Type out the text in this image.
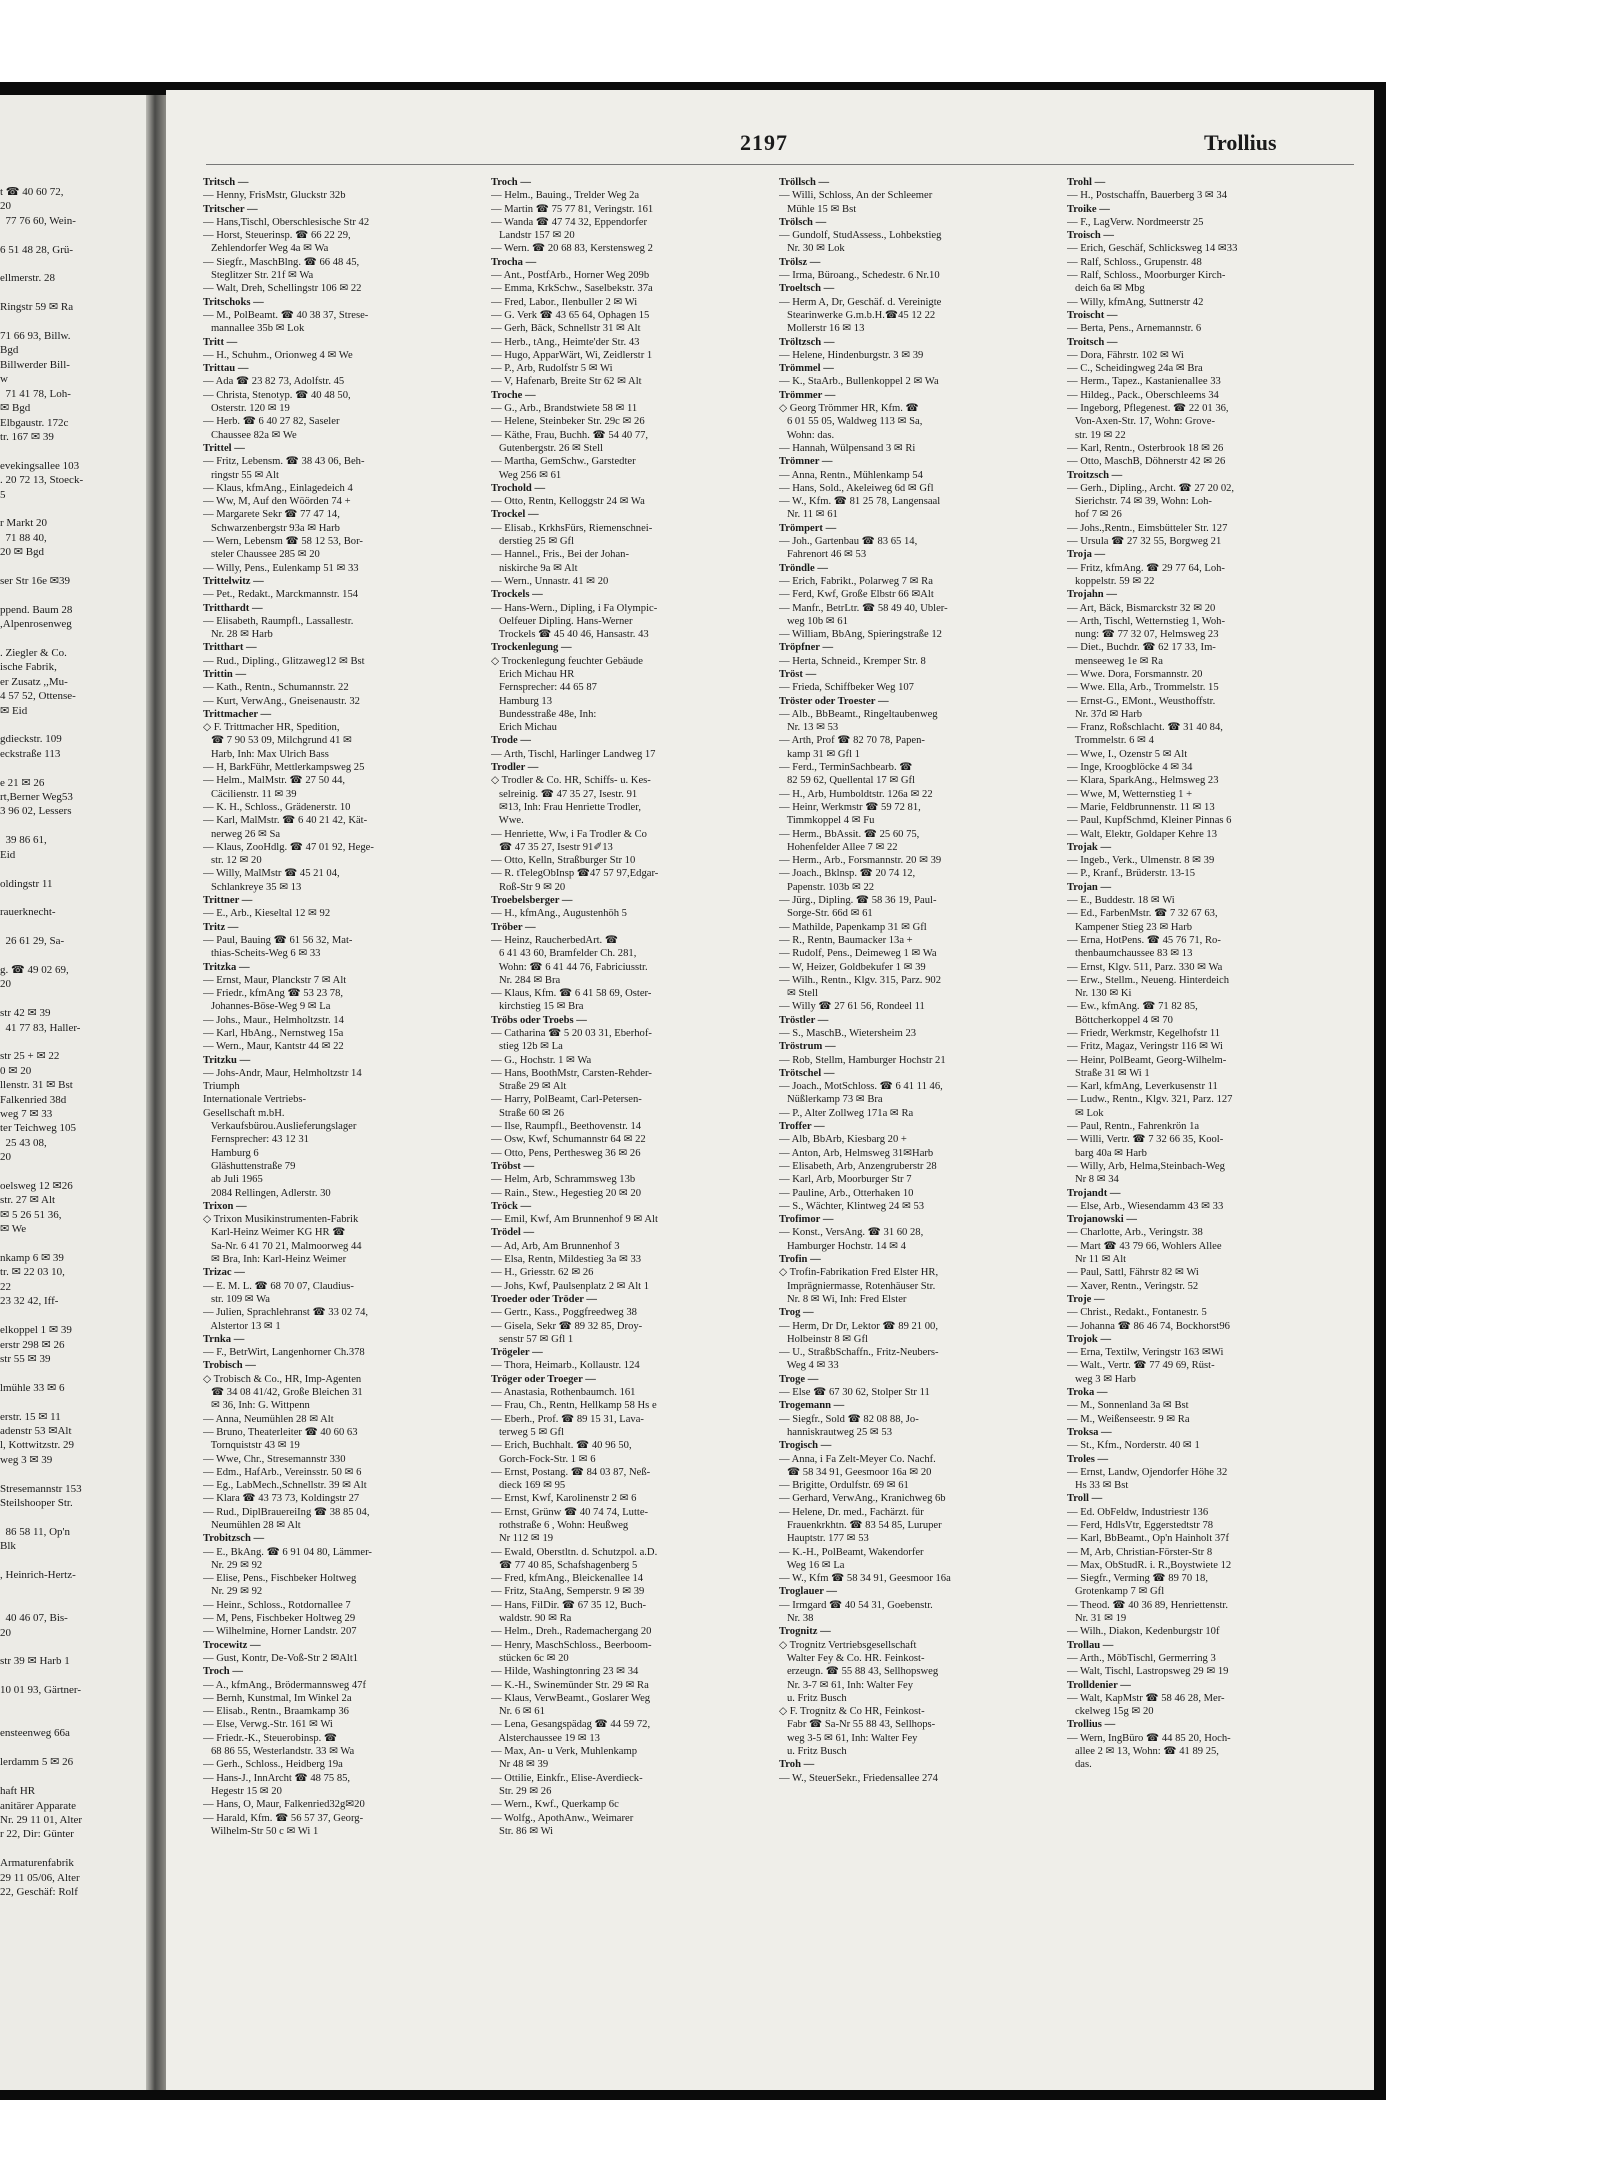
t ☎ 40 60 72,
20
77 76 60, Wein-

6 51 48 28, Grü-

ellmerstr. 28

Ringstr 59 ✉ Ra

71 66 93, Billw.
Bgd
Billwerder Bill-
w
71 41 78, Loh-
✉ Bgd
Elbgaustr. 172c
tr. 167 ✉ 39

evekingsallee 103
. 20 72 13, Stoeck-
5

r Markt 20
71 88 40,
20 ✉ Bgd

ser Str 16e ✉39

ppend. Baum 28
,Alpenrosenweg

. Ziegler & Co.
ische Fabrik,
er Zusatz ,,Mu-
4 57 52, Ottense-
✉ Eid

gdieckstr. 109
eckstraße 113

e 21 ✉ 26
rt,Berner Weg53
3 96 02, Lessers

39 86 61,
Eid

oldingstr 11

rauerknecht-

26 61 29, Sa-

g. ☎ 49 02 69,
20

str 42 ✉ 39
41 77 83, Haller-

str 25 + ✉ 22
0 ✉ 20
llenstr. 31 ✉ Bst
Falkenried 38d
weg 7 ✉ 33
ter Teichweg 105
25 43 08,
20

oelsweg 12 ✉26
str. 27 ✉ Alt
✉ 5 26 51 36,
✉ We

nkamp 6 ✉ 39
tr. ✉ 22 03 10,
22
23 32 42, Iff-

elkoppel 1 ✉ 39
erstr 298 ✉ 26
str 55 ✉ 39

lmühle 33 ✉ 6

erstr. 15 ✉ 11
adenstr 53 ✉Alt
l, Kottwitzstr. 29
weg 3 ✉ 39

Stresemannstr 153
Steilshooper Str.

86 58 11, Op'n
Blk

, Heinrich-Hertz-

40 46 07, Bis-
20

str 39 ✉ Harb 1

10 01 93, Gärtner-

ensteenweg 66a

lerdamm 5 ✉ 26

haft HR
anitärer Apparate
Nr. 29 11 01, Alter
r 22, Dir: Günter

Armaturenfabrik
29 11 05/06, Alter
22, Geschäf: Rolf
2197	Trollius
Tritsch —
— Henny, FrisMstr, Gluckstr 32b
Tritscher —
— Hans,Tischl, Oberschlesische Str 42
— Horst, Steuerinsp. ☎ 66 22 29,
Zehlendorfer Weg 4a ✉ Wa
— Siegfr., MaschBlng. ☎ 66 48 45,
Steglitzer Str. 21f ✉ Wa
— Walt, Dreh, Schellingstr 106 ✉ 22
Tritschoks —
— M., PolBeamt. ☎ 40 38 37, Strese-
mannallee 35b ✉ Lok
Tritt —
— H., Schuhm., Orionweg 4 ✉ We
Trittau —
— Ada ☎ 23 82 73, Adolfstr. 45
— Christa, Stenotyp. ☎ 40 48 50,
Osterstr. 120 ✉ 19
— Herb. ☎ 6 40 27 82, Saseler
Chaussee 82a ✉ We
Trittel —
— Fritz, Lebensm. ☎ 38 43 06, Beh-
ringstr 55 ✉ Alt
— Klaus, kfmAng., Einlagedeich 4
— Ww, M, Auf den Wöörden 74 +
— Margarete Sekr ☎ 77 47 14,
Schwarzenbergstr 93a ✉ Harb
— Wern, Lebensm ☎ 58 12 53, Bor-
steler Chaussee 285 ✉ 20
— Willy, Pens., Eulenkamp 51 ✉ 33
Trittelwitz —
— Pet., Redakt., Marckmannstr. 154
Tritthardt —
— Elisabeth, Raumpfl., Lassallestr.
Nr. 28 ✉ Harb
Tritthart —
— Rud., Dipling., Glitzaweg12 ✉ Bst
Trittin —
— Kath., Rentn., Schumannstr. 22
— Kurt, VerwAng., Gneisenaustr. 32
Trittmacher —
◇ F. Trittmacher HR, Spedition,
☎ 7 90 53 09, Milchgrund 41 ✉
Harb, Inh: Max Ulrich Bass
— H, BarkFühr, Mettlerkampsweg 25
— Helm., MalMstr. ☎ 27 50 44,
Cäcilienstr. 11 ✉ 39
— K. H., Schloss., Grädenerstr. 10
— Karl, MalMstr. ☎ 6 40 21 42, Kät-
nerweg 26 ✉ Sa
— Klaus, ZooHdlg. ☎ 47 01 92, Hege-
str. 12 ✉ 20
— Willy, MalMstr ☎ 45 21 04,
Schlankreye 35 ✉ 13
Trittner —
— E., Arb., Kieseltal 12 ✉ 92
Tritz —
— Paul, Bauing ☎ 61 56 32, Mat-
thias-Scheits-Weg 6 ✉ 33
Tritzka —
— Ernst, Maur, Planckstr 7 ✉ Alt
— Friedr., kfmAng ☎ 53 23 78,
Johannes-Böse-Weg 9 ✉ La
— Johs., Maur., Helmholtzstr. 14
— Karl, HbAng., Nernstweg 15a
— Wern., Maur, Kantstr 44 ✉ 22
Tritzku —
— Johs-Andr, Maur, Helmholtzstr 14
Triumph
Internationale Vertriebs-
Gesellschaft m.bH.
Verkaufsbürou.Auslieferungslager
Fernsprecher: 43 12 31
Hamburg 6
Gläshuttenstraße 79
ab Juli 1965
2084 Rellingen, Adlerstr. 30
Trixon —
◇ Trixon Musikinstrumenten-Fabrik
Karl-Heinz Weimer KG HR ☎
Sa-Nr. 6 41 70 21, Malmoorweg 44
✉ Bra, Inh: Karl-Heinz Weimer
Trizac —
— E. M. L. ☎ 68 70 07, Claudius-
str. 109 ✉ Wa
— Julien, Sprachlehranst ☎ 33 02 74,
Alstertor 13 ✉ 1
Trnka —
— F., BetrWirt, Langenhorner Ch.378
Trobisch —
◇ Trobisch & Co., HR, Imp-Agenten
☎ 34 08 41/42, Große Bleichen 31
✉ 36, Inh: G. Wittpenn
— Anna, Neumühlen 28 ✉ Alt
— Bruno, Theaterleiter ☎ 40 60 63
Tornquiststr 43 ✉ 19
— Wwe, Chr., Stresemannstr 330
— Edm., HafArb., Vereinsstr. 50 ✉ 6
— Eg., LabMech.,Schnellstr. 39 ✉ Alt
— Klara ☎ 43 73 73, Koldingstr 27
— Rud., DiplBrauereiIng ☎ 38 85 04,
Neumühlen 28 ✉ Alt
Trobitzsch —
— E., BkAng. ☎ 6 91 04 80, Lämmer-
Nr. 29 ✉ 92
— Elise, Pens., Fischbeker Holtweg
Nr. 29 ✉ 92
— Heinr., Schloss., Rotdornallee 7
— M, Pens, Fischbeker Holtweg 29
— Wilhelmine, Horner Landstr. 207
Trocewitz —
— Gust, Kontr, De-Voß-Str 2 ✉Alt1
Troch —
— A., kfmAng., Brödermannsweg 47f
— Bernh, Kunstmal, Im Winkel 2a
— Elisab., Rentn., Braamkamp 36
— Else, Verwg.-Str. 161 ✉ Wi
— Friedr.-K., Steuerobinsp. ☎
68 86 55, Westerlandstr. 33 ✉ Wa
— Gerh., Schloss., Heidberg 19a
— Hans-J., InnArcht ☎ 48 75 85,
Hegestr 15 ✉ 20
— Hans, O, Maur, Falkenried32g✉20
— Harald, Kfm. ☎ 56 57 37, Georg-
Wilhelm-Str 50 c ✉ Wi 1
Troch —
— Helm., Bauing., Trelder Weg 2a
— Martin ☎ 75 77 81, Veringstr. 161
— Wanda ☎ 47 74 32, Eppendorfer
Landstr 157 ✉ 20
— Wern. ☎ 20 68 83, Kerstensweg 2
Trocha —
— Ant., PostfArb., Horner Weg 209b
— Emma, KrkSchw., Saselbekstr. 37a
— Fred, Labor., Ilenbuller 2 ✉ Wi
— G. Verk ☎ 43 65 64, Ophagen 15
— Gerh, Bäck, Schnellstr 31 ✉ Alt
— Herb., tAng., Heimte'der Str. 43
— Hugo, ApparWärt, Wi, Zeidlerstr 1
— P., Arb, Rudolfstr 5 ✉ Wi
— V, Hafenarb, Breite Str 62 ✉ Alt
Troche —
— G., Arb., Brandstwiete 58 ✉ 11
— Helene, Steinbeker Str. 29c ✉ 26
— Käthe, Frau, Buchh. ☎ 54 40 77,
Gutenbergstr. 26 ✉ Stell
— Martha, GemSchw., Garstedter
Weg 256 ✉ 61
Trochold —
— Otto, Rentn, Kelloggstr 24 ✉ Wa
Trockel —
— Elisab., KrkhsFürs, Riemenschnei-
derstieg 25 ✉ Gfl
— Hannel., Fris., Bei der Johan-
niskirche 9a ✉ Alt
— Wern., Unnastr. 41 ✉ 20
Trockels —
— Hans-Wern., Dipling, i Fa Olympic-
Oelfeuer Dipling. Hans-Werner
Trockels ☎ 45 40 46, Hansastr. 43
Trockenlegung —
◇ Trockenlegung feuchter Gebäude
Erich Michau HR
Fernsprecher: 44 65 87
Hamburg 13
Bundesstraße 48e, Inh:
Erich Michau
Trode —
— Arth, Tischl, Harlinger Landweg 17
Trodler —
◇ Trodler & Co. HR, Schiffs- u. Kes-
selreinig. ☎ 47 35 27, Isestr. 91
✉13, Inh: Frau Henriette Trodler,
Wwe.
— Henriette, Ww, i Fa Trodler & Co
☎ 47 35 27, Isestr 91✐13
— Otto, Kelln, Straßburger Str 10
— R. tTelegObInsp ☎47 57 97,Edgar-
Roß-Str 9 ✉ 20
Troebelsberger —
— H., kfmAng., Augustenhöh 5
Tröber —
— Heinz, RaucherbedArt. ☎
6 41 43 60, Bramfelder Ch. 281,
Wohn: ☎ 6 41 44 76, Fabriciusstr.
Nr. 284 ✉ Bra
— Klaus, Kfm. ☎ 6 41 58 69, Oster-
kirchstieg 15 ✉ Bra
Tröbs oder Troebs —
— Catharina ☎ 5 20 03 31, Eberhof-
stieg 12b ✉ La
— G., Hochstr. 1 ✉ Wa
— Hans, BoothMstr, Carsten-Rehder-
Straße 29 ✉ Alt
— Harry, PolBeamt, Carl-Petersen-
Straße 60 ✉ 26
— Ilse, Raumpfl., Beethovenstr. 14
— Osw, Kwf, Schumannstr 64 ✉ 22
— Otto, Pens, Perthesweg 36 ✉ 26
Tröbst —
— Helm, Arb, Schrammsweg 13b
— Rain., Stew., Hegestieg 20 ✉ 20
Tröck —
— Emil, Kwf, Am Brunnenhof 9 ✉ Alt
Trödel —
— Ad, Arb, Am Brunnenhof 3
— Elsa, Rentn, Mildestieg 3a ✉ 33
— H., Griesstr. 62 ✉ 26
— Johs, Kwf, Paulsenplatz 2 ✉ Alt 1
Troeder oder Tröder —
— Gertr., Kass., Poggfreedweg 38
— Gisela, Sekr ☎ 89 32 85, Droy-
senstr 57 ✉ Gfl 1
Trögeler —
— Thora, Heimarb., Kollaustr. 124
Tröger oder Troeger —
— Anastasia, Rothenbaumch. 161
— Frau, Ch., Rentn, Hellkamp 58 Hs e
— Eberh., Prof. ☎ 89 15 31, Lava-
terweg 5 ✉ Gfl
— Erich, Buchhalt. ☎ 40 96 50,
Gorch-Fock-Str. 1 ✉ 6
— Ernst, Postang. ☎ 84 03 87, Neß-
dieck 169 ✉ 95
— Ernst, Kwf, Karolinenstr 2 ✉ 6
— Ernst, Grünw ☎ 40 74 74, Lutte-
rothstraße 6 , Wohn: Heußweg
Nr 112 ✉ 19
— Ewald, Oberstltn. d. Schutzpol. a.D.
☎ 77 40 85, Schafshagenberg 5
— Fred, kfmAng., Bleickenallee 14
— Fritz, StaAng, Semperstr. 9 ✉ 39
— Hans, FilDir. ☎ 67 35 12, Buch-
waldstr. 90 ✉ Ra
— Helm., Dreh., Rademachergang 20
— Henry, MaschSchloss., Beerboom-
stücken 6c ✉ 20
— Hilde, Washingtonring 23 ✉ 34
— K.-H., Swinemünder Str. 29 ✉ Ra
— Klaus, VerwBeamt., Goslarer Weg
Nr. 6 ✉ 61
— Lena, Gesangspädag ☎ 44 59 72,
Alsterchaussee 19 ✉ 13
— Max, An- u Verk, Muhlenkamp
Nr 48 ✉ 39
— Ottilie, Einkfr., Elise-Averdieck-
Str. 29 ✉ 26
— Wern., Kwf., Querkamp 6c
— Wolfg., ApothAnw., Weimarer
Str. 86 ✉ Wi
Tröllsch —
— Willi, Schloss, An der Schleemer
Mühle 15 ✉ Bst
Trölsch —
— Gundolf, StudAssess., Lohbekstieg
Nr. 30 ✉ Lok
Trölsz —
— Irma, Büroang., Schedestr. 6 Nr.10
Troeltsch —
— Herm A, Dr, Geschäf. d. Vereinigte
Stearinwerke G.m.b.H.☎45 12 22
Mollerstr 16 ✉ 13
Tröltzsch —
— Helene, Hindenburgstr. 3 ✉ 39
Trömmel —
— K., StaArb., Bullenkoppel 2 ✉ Wa
Trömmer —
◇ Georg Trömmer HR, Kfm. ☎
6 01 55 05, Waldweg 113 ✉ Sa,
Wohn: das.
— Hannah, Wülpensand 3 ✉ Ri
Trömner —
— Anna, Rentn., Mühlenkamp 54
— Hans, Sold., Akeleiweg 6d ✉ Gfl
— W., Kfm. ☎ 81 25 78, Langensaal
Nr. 11 ✉ 61
Trömpert —
— Joh., Gartenbau ☎ 83 65 14,
Fahrenort 46 ✉ 53
Tröndle —
— Erich, Fabrikt., Polarweg 7 ✉ Ra
— Ferd, Kwf, Große Elbstr 66 ✉Alt
— Manfr., BetrLtr. ☎ 58 49 40, Ubler-
weg 10b ✉ 61
— William, BbAng, Spieringstraße 12
Tröpfner —
— Herta, Schneid., Kremper Str. 8
Tröst —
— Frieda, Schiffbeker Weg 107
Tröster oder Troester —
— Alb., BbBeamt., Ringeltaubenweg
Nr. 13 ✉ 53
— Arth, Prof ☎ 82 70 78, Papen-
kamp 31 ✉ Gfl 1
— Ferd., TerminSachbearb. ☎
82 59 62, Quellental 17 ✉ Gfl
— H., Arb, Humboldtstr. 126a ✉ 22
— Heinr, Werkmstr ☎ 59 72 81,
Timmkoppel 4 ✉ Fu
— Herm., BbAssit. ☎ 25 60 75,
Hohenfelder Allee 7 ✉ 22
— Herm., Arb., Forsmannstr. 20 ✉ 39
— Joach., Bklnsp. ☎ 20 74 12,
Papenstr. 103b ✉ 22
— Jürg., Dipling. ☎ 58 36 19, Paul-
Sorge-Str. 66d ✉ 61
— Mathilde, Papenkamp 31 ✉ Gfl
— R., Rentn, Baumacker 13a +
— Rudolf, Pens., Deimeweg 1 ✉ Wa
— W, Heizer, Goldbekufer 1 ✉ 39
— Wilh., Rentn., Klgv. 315, Parz. 902
✉ Stell
— Willy ☎ 27 61 56, Rondeel 11
Tröstler —
— S., MaschB., Wietersheim 23
Tröstrum —
— Rob, Stellm, Hamburger Hochstr 21
Trötschel —
— Joach., MotSchloss. ☎ 6 41 11 46,
Nüßlerkamp 73 ✉ Bra
— P., Alter Zollweg 171a ✉ Ra
Troffer —
— Alb, BbArb, Kiesbarg 20 +
— Anton, Arb, Helmsweg 31✉Harb
— Elisabeth, Arb, Anzengruberstr 28
— Karl, Arb, Moorburger Str 7
— Pauline, Arb., Otterhaken 10
— S., Wächter, Klintweg 24 ✉ 53
Trofimor —
— Konst., VersAng. ☎ 31 60 28,
Hamburger Hochstr. 14 ✉ 4
Trofin —
◇ Trofin-Fabrikation Fred Elster HR,
Imprägniermasse, Rotenhäuser Str.
Nr. 8 ✉ Wi, Inh: Fred Elster
Trog —
— Herm, Dr Dr, Lektor ☎ 89 21 00,
Holbeinstr 8 ✉ Gfl
— U., StraßbSchaffn., Fritz-Neubers-
Weg 4 ✉ 33
Troge —
— Else ☎ 67 30 62, Stolper Str 11
Trogemann —
— Siegfr., Sold ☎ 82 08 88, Jo-
hanniskrautweg 25 ✉ 53
Trogisch —
— Anna, i Fa Zelt-Meyer Co. Nachf.
☎ 58 34 91, Geesmoor 16a ✉ 20
— Brigitte, Ordulfstr. 69 ✉ 61
— Gerhard, VerwAng., Kranichweg 6b
— Helene, Dr. med., Fachärzt. für
Frauenkrkhtn. ☎ 83 54 85, Luruper
Hauptstr. 177 ✉ 53
— K.-H., PolBeamt, Wakendorfer
Weg 16 ✉ La
— W., Kfm ☎ 58 34 91, Geesmoor 16a
Troglauer —
— Irmgard ☎ 40 54 31, Goebenstr.
Nr. 38
Trognitz —
◇ Trognitz Vertriebsgesellschaft
Walter Fey & Co. HR. Feinkost-
erzeugn. ☎ 55 88 43, Sellhopsweg
Nr. 3-7 ✉ 61, Inh: Walter Fey
u. Fritz Busch
◇ F. Trognitz & Co HR, Feinkost-
Fabr ☎ Sa-Nr 55 88 43, Sellhops-
weg 3-5 ✉ 61, Inh: Walter Fey
u. Fritz Busch
Troh —
— W., SteuerSekr., Friedensallee 274
Trohl —
— H., Postschaffn, Bauerberg 3 ✉ 34
Troike —
— F., LagVerw. Nordmeerstr 25
Troisch —
— Erich, Geschäf, Schlicksweg 14 ✉33
— Ralf, Schloss., Grupenstr. 48
— Ralf, Schloss., Moorburger Kirch-
deich 6a ✉ Mbg
— Willy, kfmAng, Suttnerstr 42
Troischt —
— Berta, Pens., Arnemannstr. 6
Troitsch —
— Dora, Fährstr. 102 ✉ Wi
— C., Scheidingweg 24a ✉ Bra
— Herm., Tapez., Kastanienallee 33
— Hildeg., Pack., Oberschleems 34
— Ingeborg, Pflegenest. ☎ 22 01 36,
Von-Axen-Str. 17, Wohn: Grove-
str. 19 ✉ 22
— Karl, Rentn., Osterbrook 18 ✉ 26
— Otto, MaschB, Döhnerstr 42 ✉ 26
Troitzsch —
— Gerh., Dipling., Archt. ☎ 27 20 02,
Sierichstr. 74 ✉ 39, Wohn: Loh-
hof 7 ✉ 26
— Johs.,Rentn., Eimsbütteler Str. 127
— Ursula ☎ 27 32 55, Borgweg 21
Troja —
— Fritz, kfmAng. ☎ 29 77 64, Loh-
koppelstr. 59 ✉ 22
Trojahn —
— Art, Bäck, Bismarckstr 32 ✉ 20
— Arth, Tischl, Wetternstieg 1, Woh-
nung: ☎ 77 32 07, Helmsweg 23
— Diet., Buchdr. ☎ 62 17 33, Im-
menseeweg 1e ✉ Ra
— Wwe. Dora, Forsmannstr. 20
— Wwe. Ella, Arb., Trommelstr. 15
— Ernst-G., EMont., Weusthoffstr.
Nr. 37d ✉ Harb
— Franz, Roßschlacht. ☎ 31 40 84,
Trommelstr. 6 ✉ 4
— Wwe, I., Ozenstr 5 ✉ Alt
— Inge, Kroogblöcke 4 ✉ 34
— Klara, SparkAng., Helmsweg 23
— Wwe, M, Wetternstieg 1 +
— Marie, Feldbrunnenstr. 11 ✉ 13
— Paul, KupfSchmd, Kleiner Pinnas 6
— Walt, Elektr, Goldaper Kehre 13
Trojak —
— Ingeb., Verk., Ulmenstr. 8 ✉ 39
— P., Kranf., Brüderstr. 13-15
Trojan —
— E., Buddestr. 18 ✉ Wi
— Ed., FarbenMstr. ☎ 7 32 67 63,
Kampener Stieg 23 ✉ Harb
— Erna, HotPens. ☎ 45 76 71, Ro-
thenbaumchaussee 83 ✉ 13
— Ernst, Klgv. 511, Parz. 330 ✉ Wa
— Erw., Stellm., Neueng. Hinterdeich
Nr. 130 ✉ Ki
— Ew., kfmAng. ☎ 71 82 85,
Böttcherkoppel 4 ✉ 70
— Friedr, Werkmstr, Kegelhofstr 11
— Fritz, Magaz, Veringstr 116 ✉ Wi
— Heinr, PolBeamt, Georg-Wilhelm-
Straße 31 ✉ Wi 1
— Karl, kfmAng, Leverkusenstr 11
— Ludw., Rentn., Klgv. 321, Parz. 127
✉ Lok
— Paul, Rentn., Fahrenkrön 1a
— Willi, Vertr. ☎ 7 32 66 35, Kool-
barg 40a ✉ Harb
— Willy, Arb, Helma,Steinbach-Weg
Nr 8 ✉ 34
Trojandt —
— Else, Arb., Wiesendamm 43 ✉ 33
Trojanowski —
— Charlotte, Arb., Veringstr. 38
— Mart ☎ 43 79 66, Wohlers Allee
Nr 11 ✉ Alt
— Paul, Sattl, Fährstr 82 ✉ Wi
— Xaver, Rentn., Veringstr. 52
Troje —
— Christ., Redakt., Fontanestr. 5
— Johanna ☎ 86 46 74, Bockhorst96
Trojok —
— Erna, Textilw, Veringstr 163 ✉Wi
— Walt., Vertr. ☎ 77 49 69, Rüst-
weg 3 ✉ Harb
Troka —
— M., Sonnenland 3a ✉ Bst
— M., Weißenseestr. 9 ✉ Ra
Troksa —
— St., Kfm., Norderstr. 40 ✉ 1
Troles —
— Ernst, Landw, Ojendorfer Höhe 32
Hs 33 ✉ Bst
Troll —
— Ed. ObFeldw, Industriestr 136
— Ferd, HdlsVtr, Eggerstedtstr 78
— Karl, BbBeamt., Op'n Hainholt 37f
— M, Arb, Christian-Förster-Str 8
— Max, ObStudR. i. R.,Boystwiete 12
— Siegfr., Verming ☎ 89 70 18,
Grotenkamp 7 ✉ Gfl
— Theod. ☎ 40 36 89, Henriettenstr.
Nr. 31 ✉ 19
— Wilh., Diakon, Kedenburgstr 10f
Trollau —
— Arth., MöbTischl, Germerring 3
— Walt, Tischl, Lastropsweg 29 ✉ 19
Trolldenier —
— Walt, KapMstr ☎ 58 46 28, Mer-
ckelweg 15g ✉ 20
Trollius —
— Wern, IngBüro ☎ 44 85 20, Hoch-
allee 2 ✉ 13, Wohn: ☎ 41 89 25,
das.
